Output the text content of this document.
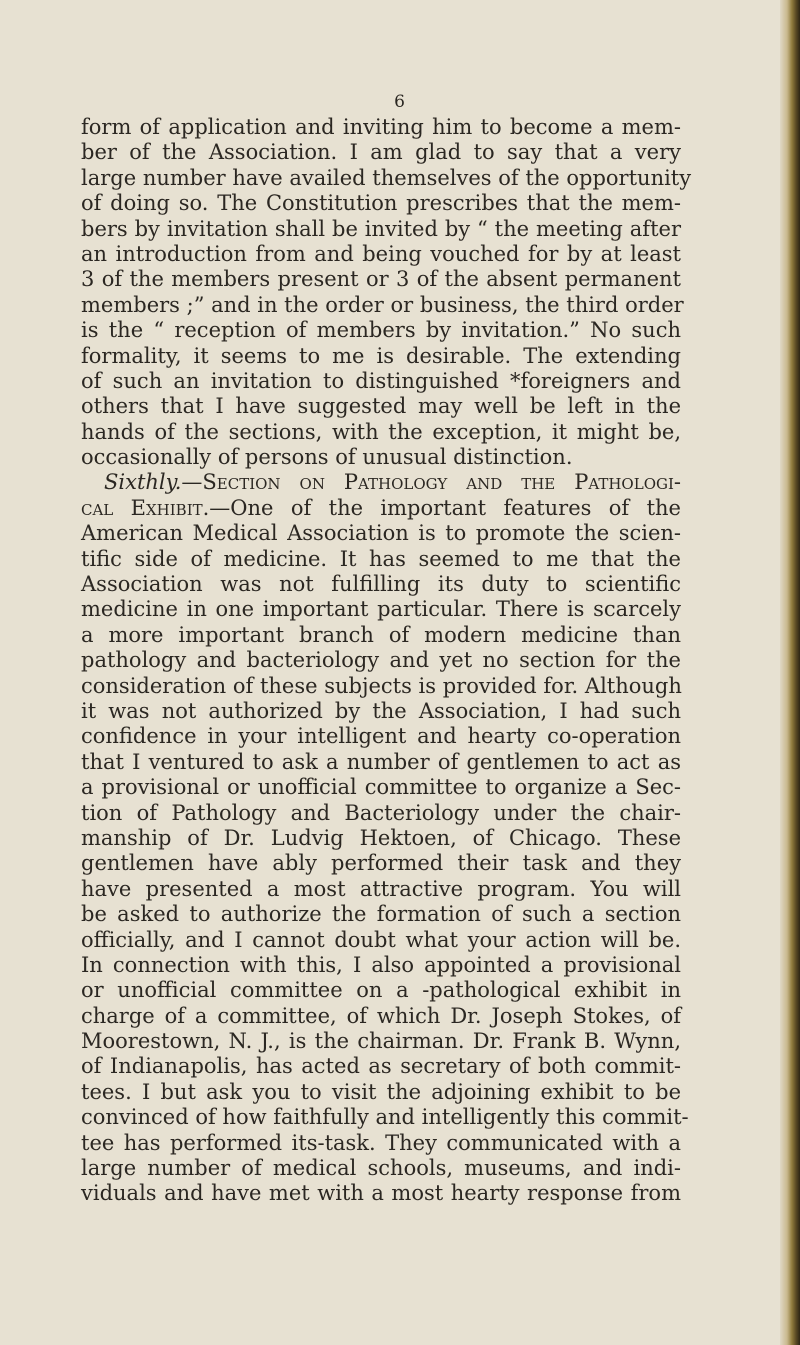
6
form of application and inviting him to become a mem-
ber of the Association. I am glad to say that a very
large number have availed themselves of the opportunity
of doing so. The Constitution prescribes that the mem-
bers by invitation shall be invited by “ the meeting after
an introduction from and being vouched for by at least
3 of the members present or 3 of the absent permanent
members ;” and in the order or business, the third order
is the “ reception of members by invitation.” No such
formality, it seems to me is desirable. The extending
of such an invitation to distinguished *foreigners and
others that I have suggested may well be left in the
hands of the sections, with the exception, it might be,
occasionally of persons of unusual distinction.
Sixthly.—Section on Pathology and the Pathologi-
cal Exhibit.—One of the important features of the
American Medical Association is to promote the scien-
tific side of medicine. It has seemed to me that the
Association was not fulfilling its duty to scientific
medicine in one important particular. There is scarcely
a more important branch of modern medicine than
pathology and bacteriology and yet no section for the
consideration of these subjects is provided for. Although
it was not authorized by the Association, I had such
confidence in your intelligent and hearty co-operation
that I ventured to ask a number of gentlemen to act as
a provisional or unofficial committee to organize a Sec-
tion of Pathology and Bacteriology under the chair-
manship of Dr. Ludvig Hektoen, of Chicago. These
gentlemen have ably performed their task and they
have presented a most attractive program. You will
be asked to authorize the formation of such a section
officially, and I cannot doubt what your action will be.
In connection with this, I also appointed a provisional
or unofficial committee on a -pathological exhibit in
charge of a committee, of which Dr. Joseph Stokes, of
Moorestown, N. J., is the chairman. Dr. Frank B. Wynn,
of Indianapolis, has acted as secretary of both commit-
tees. I but ask you to visit the adjoining exhibit to be
convinced of how faithfully and intelligently this commit-
tee has performed its-task. They communicated with a
large number of medical schools, museums, and indi-
viduals and have met with a most hearty response from
